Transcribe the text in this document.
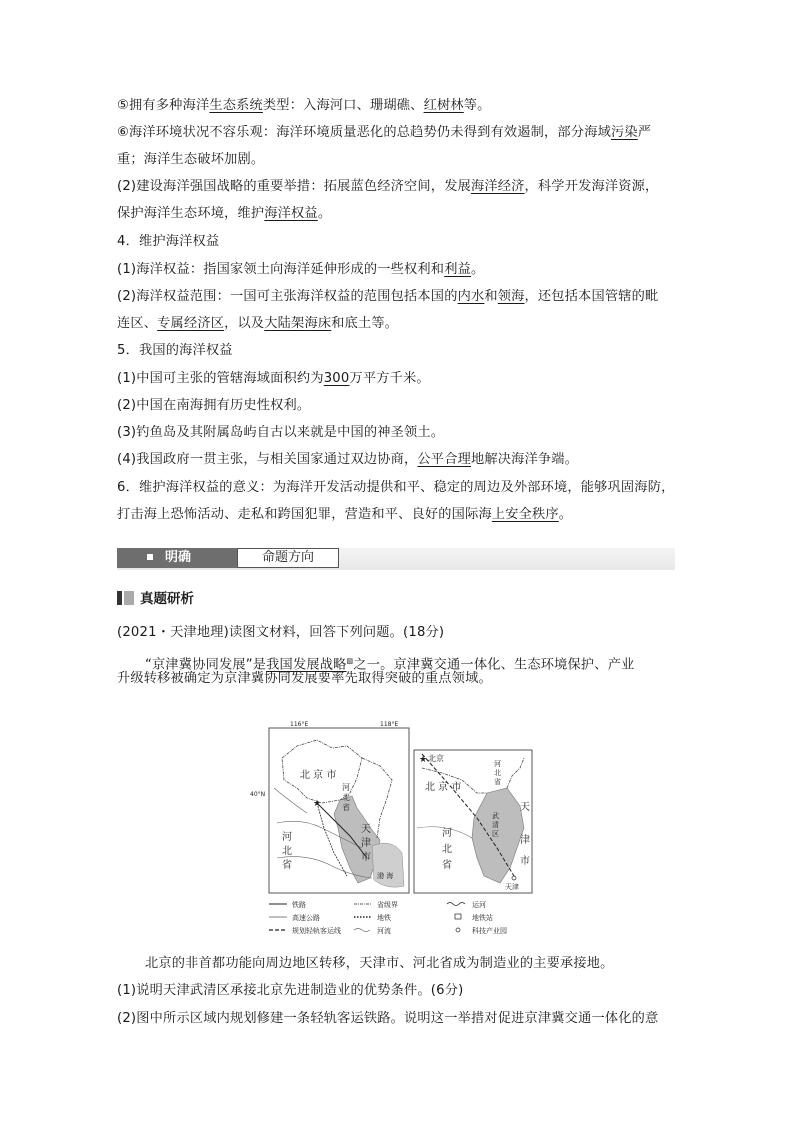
⑤拥有多种海洋生态系统类型：入海河口、珊瑚礁、红树林等。
⑥海洋环境状况不容乐观：海洋环境质量恶化的总趋势仍未得到有效遏制，部分海域污染严
重；海洋生态破坏加剧。
(2)建设海洋强国战略的重要举措：拓展蓝色经济空间，发展海洋经济，科学开发海洋资源，
保护海洋生态环境，维护海洋权益。
4．维护海洋权益
(1)海洋权益：指国家领土向海洋延伸形成的一些权利和利益。
(2)海洋权益范围：一国可主张海洋权益的范围包括本国的内水和领海，还包括本国管辖的毗
连区、专属经济区，以及大陆架海床和底土等。
5．我国的海洋权益
(1)中国可主张的管辖海域面积约为300万平方千米。
(2)中国在南海拥有历史性权利。
(3)钓鱼岛及其附属岛屿自古以来就是中国的神圣领土。
(4)我国政府一贯主张，与相关国家通过双边协商，公平合理地解决海洋争端。
6．维护海洋权益的意义：为海洋开发活动提供和平、稳定的周边及外部环境，能够巩固海防，
打击海上恐怖活动、走私和跨国犯罪，营造和平、良好的国际海上安全秩序。
明确	命题方向
真题研析
(2021・天津地理)读图文材料，回答下列问题。(18分)
“京津冀协同发展”是我国发展战略▧之一。京津冀交通一体化、生态环境保护、产业
升级转移被确定为京津冀协同发展要率先取得突破的重点领域。
116°E	118°E
40°N
★
北 京 市
河
北
省
天
津
市
河
北
省
渤 海
★ 北京
北 京 市
河
北
省
河
北
省
武
清
区
天
津
市
天津
铁路	省级界	运河
高速公路	地铁	地铁站
规划轻轨客运线	河流	科技产业园
北京的非首都功能向周边地区转移，天津市、河北省成为制造业的主要承接地。
(1)说明天津武清区承接北京先进制造业的优势条件。(6分)
(2)图中所示区域内规划修建一条轻轨客运铁路。说明这一举措对促进京津冀交通一体化的意
